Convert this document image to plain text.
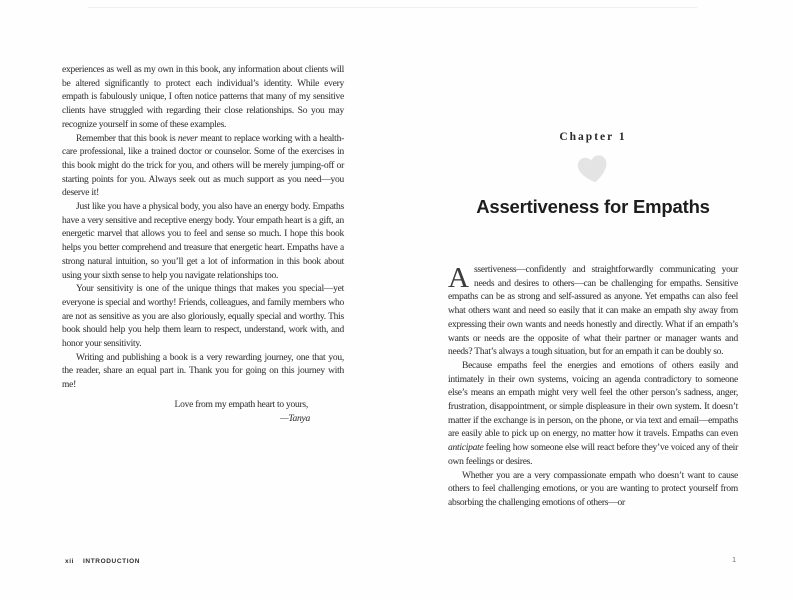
experiences as well as my own in this book, any information about clients will be altered significantly to protect each individual’s identity. While every empath is fabulously unique, I often notice patterns that many of my sensitive clients have struggled with regarding their close relationships. So you may recognize yourself in some of these examples.

Remember that this book is never meant to replace working with a health-care professional, like a trained doctor or counselor. Some of the exercises in this book might do the trick for you, and others will be merely jumping-off or starting points for you. Always seek out as much support as you need—you deserve it!

Just like you have a physical body, you also have an energy body. Empaths have a very sensitive and receptive energy body. Your empath heart is a gift, an energetic marvel that allows you to feel and sense so much. I hope this book helps you better comprehend and treasure that energetic heart. Empaths have a strong natural intuition, so you’ll get a lot of information in this book about using your sixth sense to help you navigate relationships too.

Your sensitivity is one of the unique things that makes you special—yet everyone is special and worthy! Friends, colleagues, and family members who are not as sensitive as you are also gloriously, equally special and worthy. This book should help you help them learn to respect, understand, work with, and honor your sensitivity.

Writing and publishing a book is a very rewarding journey, one that you, the reader, share an equal part in. Thank you for going on this journey with me!

Love from my empath heart to yours,

—Tanya

Chapter 1
Assertiveness for Empaths

Assertiveness—confidently and straightforwardly communicating your needs and desires to others—can be challenging for empaths. Sensitive empaths can be as strong and self-assured as anyone. Yet empaths can also feel what others want and need so easily that it can make an empath shy away from expressing their own wants and needs honestly and directly. What if an empath’s wants or needs are the opposite of what their partner or manager wants and needs? That’s always a tough situation, but for an empath it can be doubly so.

Because empaths feel the energies and emotions of others easily and intimately in their own systems, voicing an agenda contradictory to someone else’s means an empath might very well feel the other person’s sadness, anger, frustration, disappointment, or simple displeasure in their own system. It doesn’t matter if the exchange is in person, on the phone, or via text and email—empaths are easily able to pick up on energy, no matter how it travels. Empaths can even anticipate feeling how someone else will react before they’ve voiced any of their own feelings or desires.

Whether you are a very compassionate empath who doesn’t want to cause others to feel challenging emotions, or you are wanting to protect yourself from absorbing the challenging emotions of others—or

xii INTRODUCTION	1
